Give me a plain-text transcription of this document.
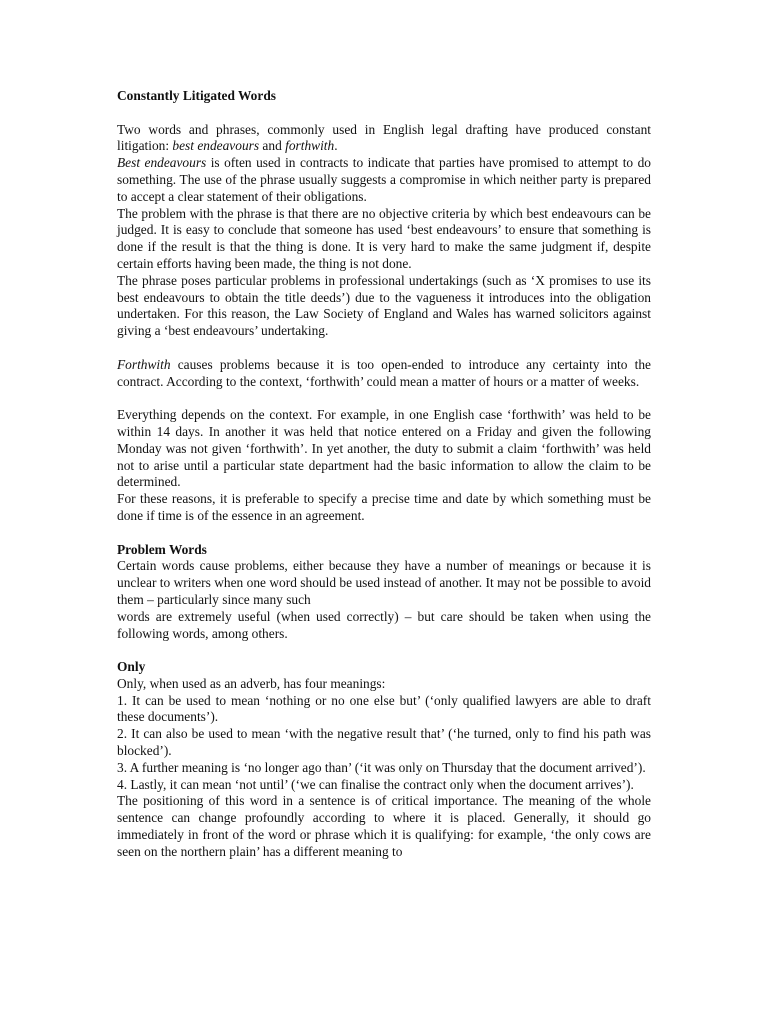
Constantly Litigated Words

Two words and phrases, commonly used in English legal drafting have produced constant litigation: best endeavours and forthwith.

Best endeavours is often used in contracts to indicate that parties have promised to attempt to do something. The use of the phrase usually suggests a compromise in which neither party is prepared to accept a clear statement of their obligations.

The problem with the phrase is that there are no objective criteria by which best endeavours can be judged. It is easy to conclude that someone has used ‘best endeavours’ to ensure that something is done if the result is that the thing is done. It is very hard to make the same judgment if, despite certain efforts having been made, the thing is not done.

The phrase poses particular problems in professional undertakings (such as ‘X promises to use its best endeavours to obtain the title deeds’) due to the vagueness it introduces into the obligation undertaken. For this reason, the Law Society of England and Wales has warned solicitors against giving a ‘best endeavours’ undertaking.

Forthwith causes problems because it is too open-ended to introduce any certainty into the contract. According to the context, ‘forthwith’ could mean a matter of hours or a matter of weeks.

Everything depends on the context. For example, in one English case ‘forthwith’ was held to be within 14 days. In another it was held that notice entered on a Friday and given the following Monday was not given ‘forthwith’. In yet another, the duty to submit a claim ‘forthwith’ was held not to arise until a particular state department had the basic information to allow the claim to be determined.

For these reasons, it is preferable to specify a precise time and date by which something must be done if time is of the essence in an agreement.

Problem Words

Certain words cause problems, either because they have a number of meanings or because it is unclear to writers when one word should be used instead of another. It may not be possible to avoid them – particularly since many such

words are extremely useful (when used correctly) – but care should be taken when using the following words, among others.

Only

Only, when used as an adverb, has four meanings:

1. It can be used to mean ‘nothing or no one else but’ (‘only qualified lawyers are able to draft these documents’).

2. It can also be used to mean ‘with the negative result that’ (‘he turned, only to find his path was blocked’).

3. A further meaning is ‘no longer ago than’ (‘it was only on Thursday that the document arrived’).

4. Lastly, it can mean ‘not until’ (‘we can finalise the contract only when the document arrives’).

The positioning of this word in a sentence is of critical importance. The meaning of the whole sentence can change profoundly according to where it is placed. Generally, it should go immediately in front of the word or phrase which it is qualifying: for example, ‘the only cows are seen on the northern plain’ has a different meaning to
